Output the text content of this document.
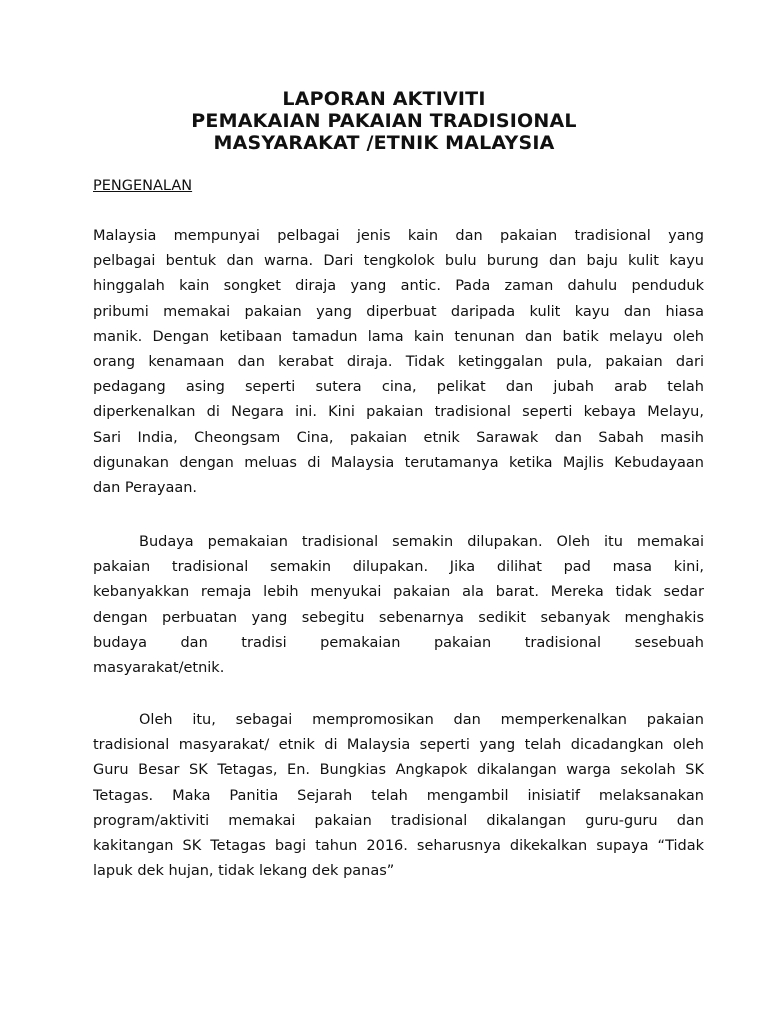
LAPORAN AKTIVITI
PEMAKAIAN PAKAIAN TRADISIONAL
MASYARAKAT /ETNIK MALAYSIA
PENGENALAN
Malaysia mempunyai pelbagai jenis kain dan pakaian tradisional yang
pelbagai bentuk dan warna. Dari tengkolok bulu burung dan baju kulit kayu
hinggalah kain songket diraja yang antic. Pada zaman dahulu penduduk
pribumi memakai pakaian yang diperbuat daripada kulit kayu dan hiasa
manik. Dengan ketibaan tamadun lama kain tenunan dan batik melayu oleh
orang kenamaan dan kerabat diraja. Tidak ketinggalan pula, pakaian dari
pedagang asing seperti sutera cina, pelikat dan jubah arab telah
diperkenalkan di Negara ini. Kini pakaian tradisional seperti kebaya Melayu,
Sari India, Cheongsam Cina, pakaian etnik Sarawak dan Sabah masih
digunakan dengan meluas di Malaysia terutamanya ketika Majlis Kebudayaan
dan Perayaan.
Budaya pemakaian tradisional semakin dilupakan. Oleh itu memakai
pakaian tradisional semakin dilupakan. Jika dilihat pad masa kini,
kebanyakkan remaja lebih menyukai pakaian ala barat. Mereka tidak sedar
dengan perbuatan yang sebegitu sebenarnya sedikit sebanyak menghakis
budaya dan tradisi pemakaian pakaian tradisional sesebuah
masyarakat/etnik.
Oleh itu, sebagai mempromosikan dan memperkenalkan pakaian
tradisional masyarakat/ etnik di Malaysia seperti yang telah dicadangkan oleh
Guru Besar SK Tetagas, En. Bungkias Angkapok dikalangan warga sekolah SK
Tetagas. Maka Panitia Sejarah telah mengambil inisiatif melaksanakan
program/aktiviti memakai pakaian tradisional dikalangan guru-guru dan
kakitangan SK Tetagas bagi tahun 2016. seharusnya dikekalkan supaya “Tidak
lapuk dek hujan, tidak lekang dek panas”
